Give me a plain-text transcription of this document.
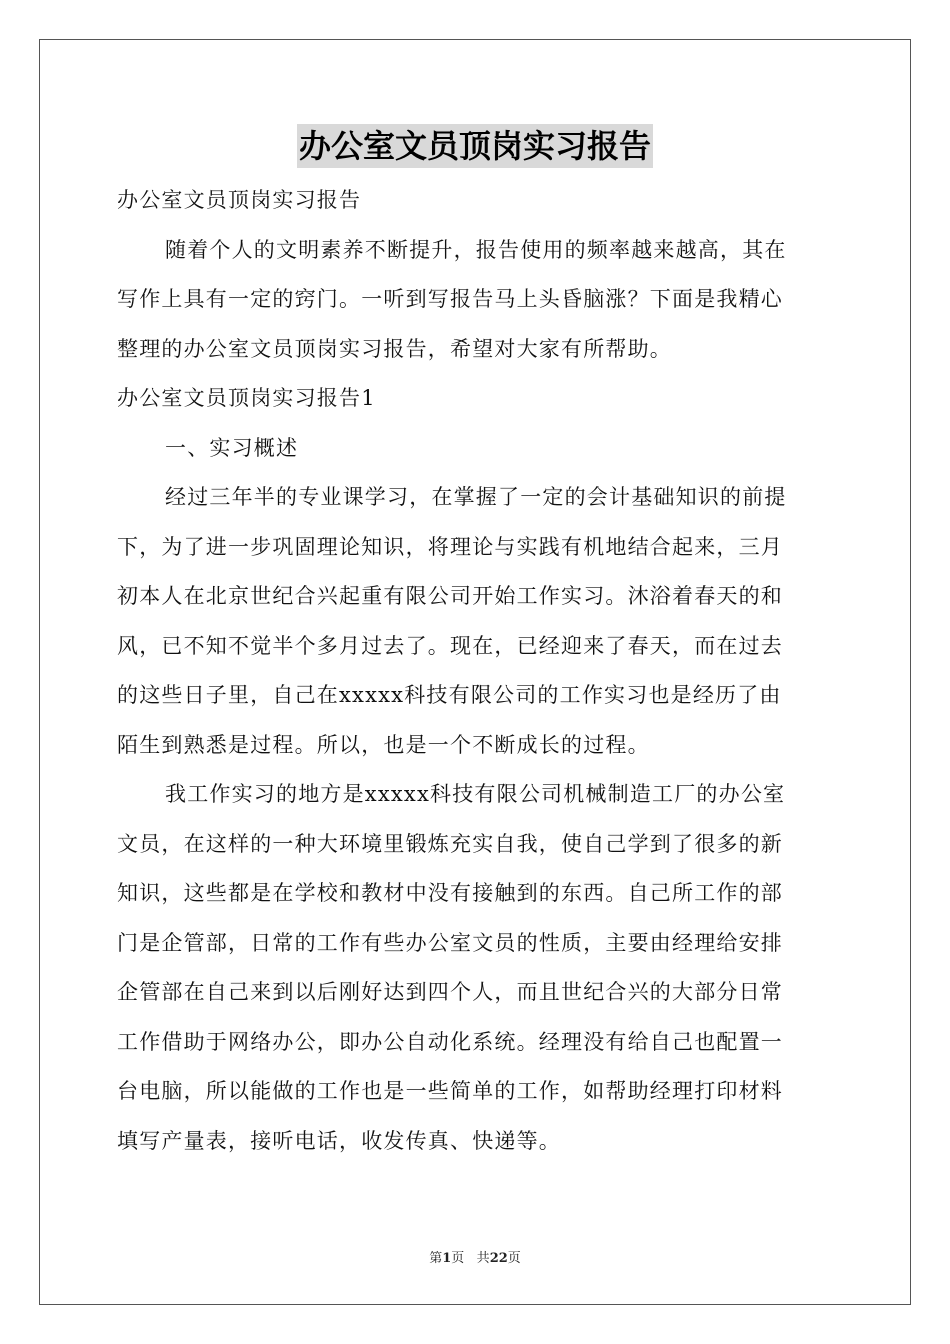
办公室文员顶岗实习报告
办公室文员顶岗实习报告
随着个人的文明素养不断提升，报告使用的频率越来越高，其在
写作上具有一定的窍门。一听到写报告马上头昏脑涨？下面是我精心
整理的办公室文员顶岗实习报告，希望对大家有所帮助。
办公室文员顶岗实习报告1
一、实习概述
经过三年半的专业课学习，在掌握了一定的会计基础知识的前提
下，为了进一步巩固理论知识，将理论与实践有机地结合起来，三月
初本人在北京世纪合兴起重有限公司开始工作实习。沐浴着春天的和
风，已不知不觉半个多月过去了。现在，已经迎来了春天，而在过去
的这些日子里，自己在xxxxx科技有限公司的工作实习也是经历了由
陌生到熟悉是过程。所以，也是一个不断成长的过程。
我工作实习的地方是xxxxx科技有限公司机械制造工厂的办公室
文员，在这样的一种大环境里锻炼充实自我，使自己学到了很多的新
知识，这些都是在学校和教材中没有接触到的东西。自己所工作的部
门是企管部，日常的工作有些办公室文员的性质，主要由经理给安排
企管部在自己来到以后刚好达到四个人，而且世纪合兴的大部分日常
工作借助于网络办公，即办公自动化系统。经理没有给自己也配置一
台电脑，所以能做的工作也是一些简单的工作，如帮助经理打印材料
填写产量表，接听电话，收发传真、快递等。
第1页 共22页
